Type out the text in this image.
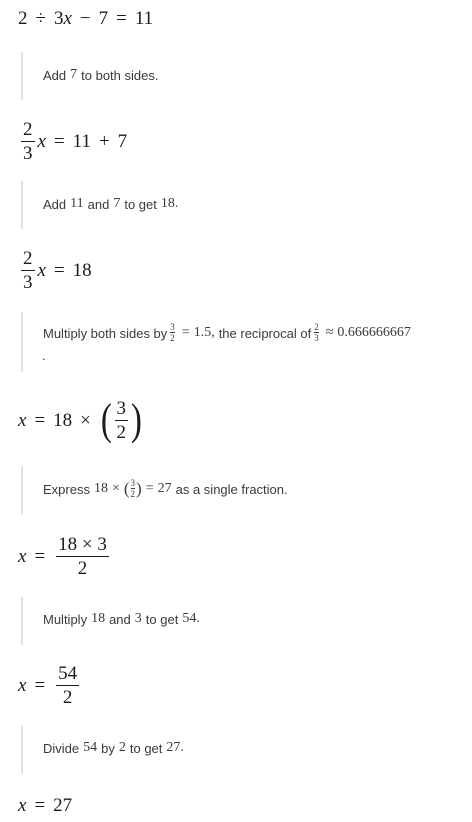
2 ÷ 3 x − 7 = 11
Add 7 to both sides.
$\frac{2}{3}$ x = 11 + 7
Add 11 and 7 to get 18 .
$\frac{2}{3}$ x = 18
Multiply both sides by $\frac{3}{2} = 1.5$, the reciprocal of $\frac{2}{3} \approx 0.666666667$
.
x = 18 × ( $\frac{3}{2}$ )
Express 18 × ( $\frac{3}{2}$ ) = 27 as a single fraction.
$x = \frac{18 \times 3}{2}$
Multiply 18 and 3 to get 54 .
$x = \frac{54}{2}$
Divide 54 by 2 to get 27 .
x = 27
